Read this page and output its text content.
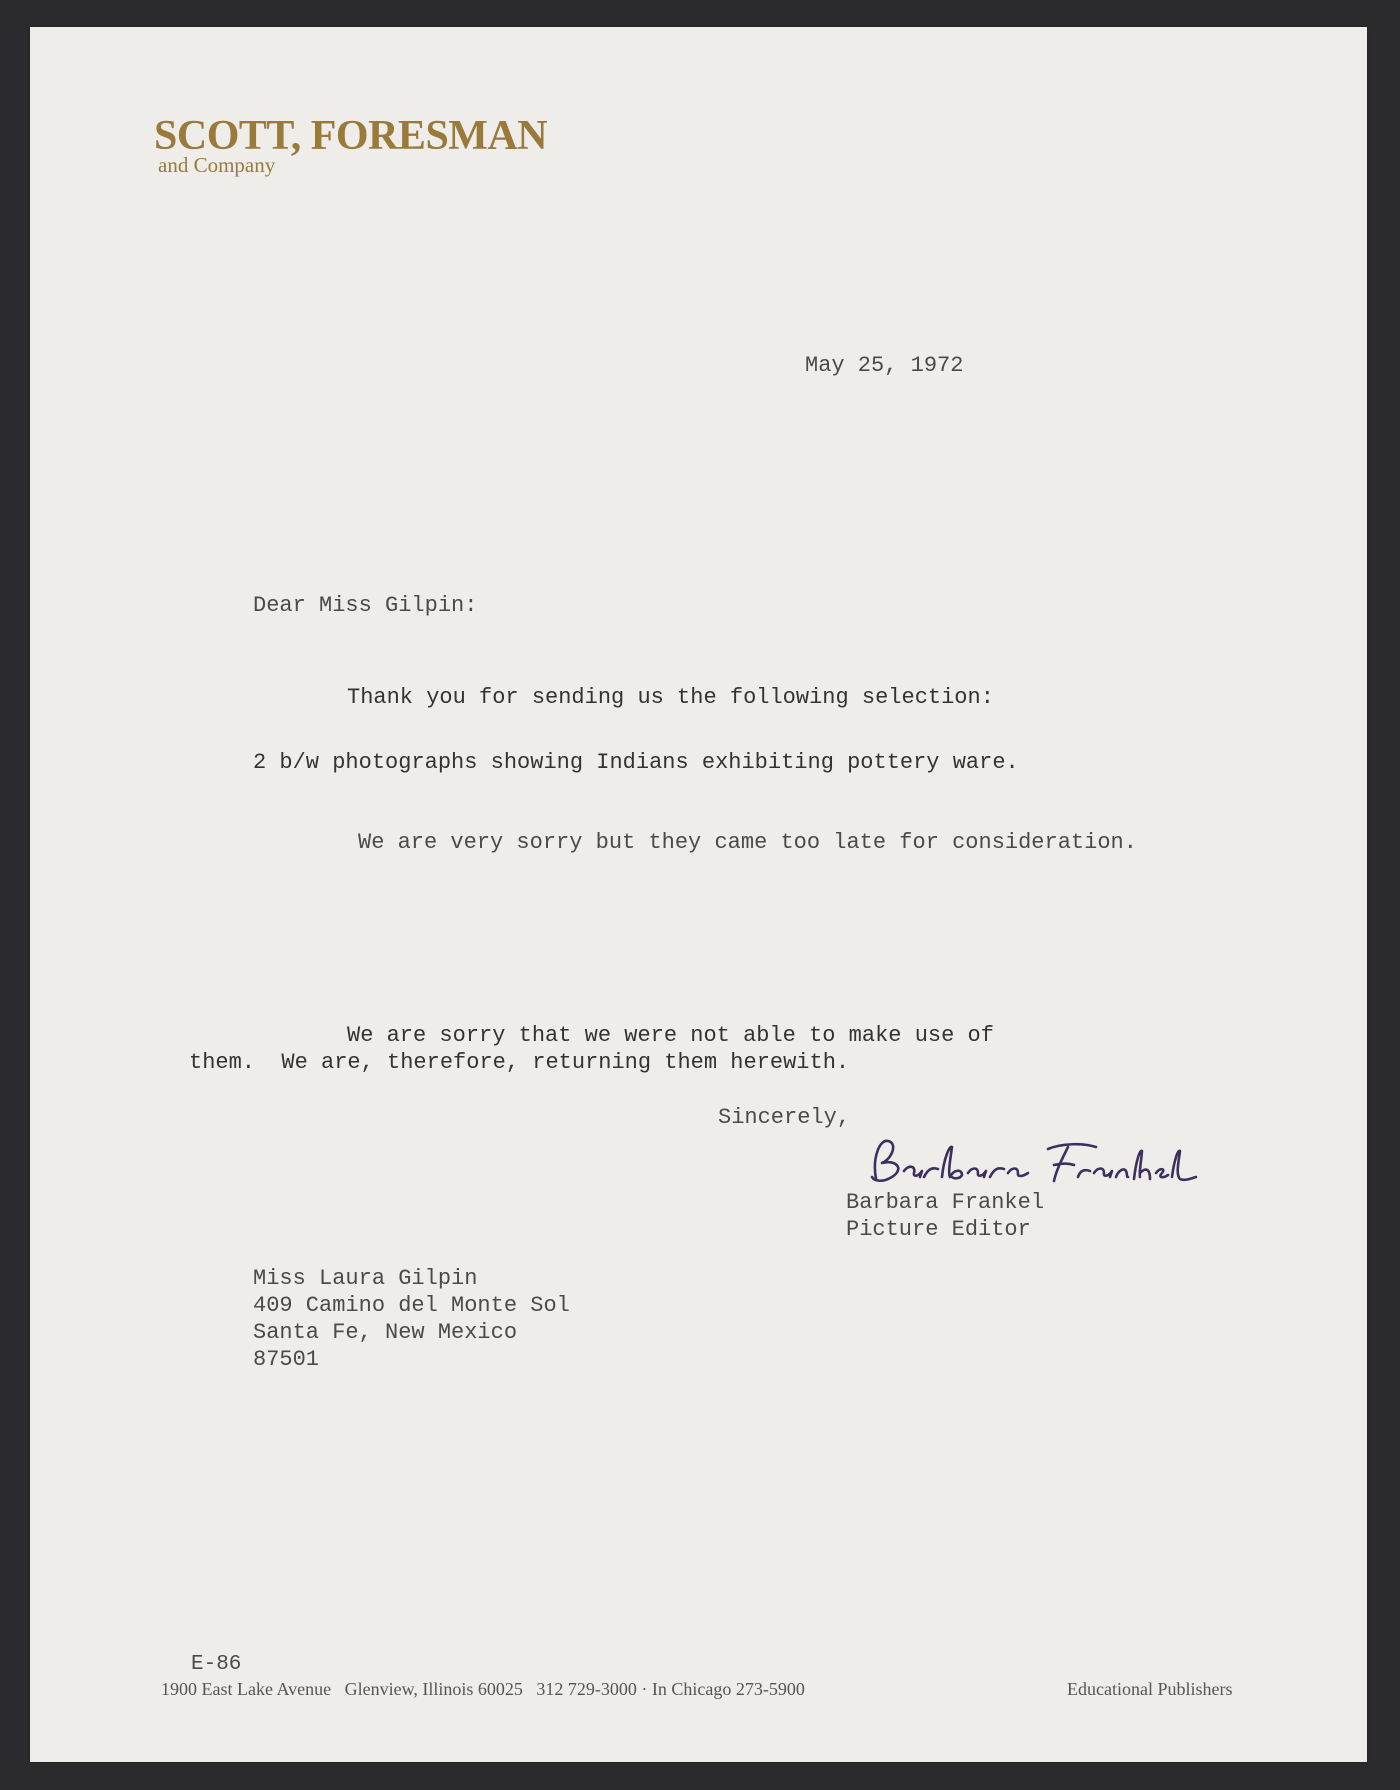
SCOTT, FORESMAN
and Company
May 25, 1972
Dear Miss Gilpin:
Thank you for sending us the following selection:
2 b/w photographs showing Indians exhibiting pottery ware.
We are very sorry but they came too late for consideration.
We are sorry that we were not able to make use of
them.  We are, therefore, returning them herewith.
Sincerely,
Barbara Frankel
Picture Editor
Miss Laura Gilpin
409 Camino del Monte Sol
Santa Fe, New Mexico
87501
E-86
1900 East Lake Avenue   Glenview, Illinois 60025   312 729-3000 · In Chicago 273-5900	Educational Publishers
